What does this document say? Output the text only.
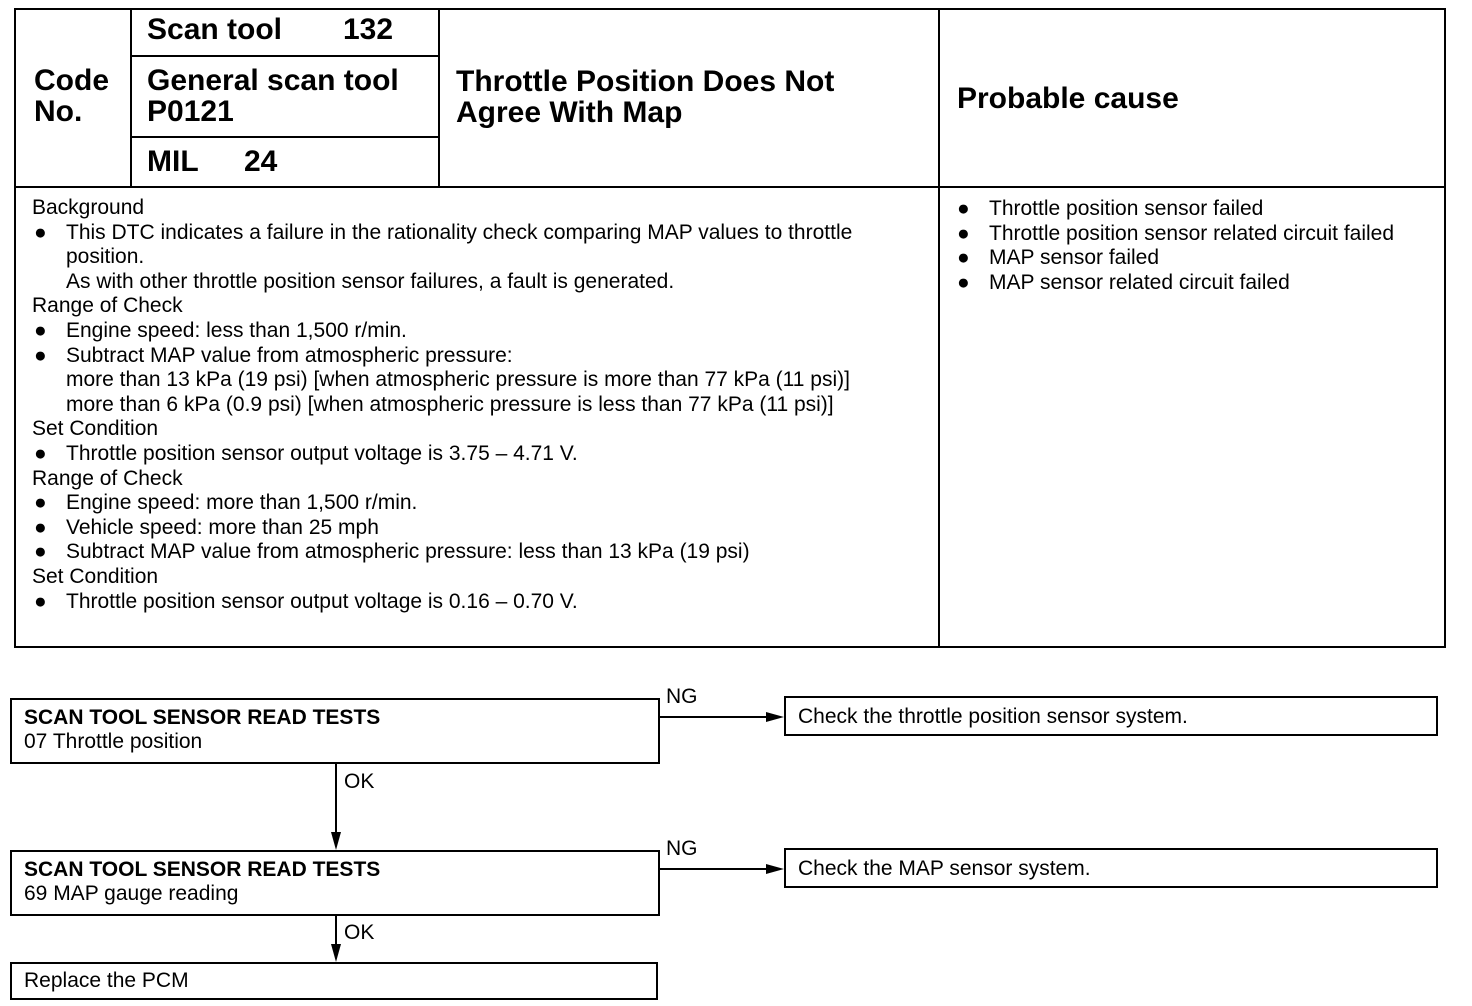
Code
No.
Scan tool 132
General scan tool
P0121
MIL 24
Throttle Position Does Not
Agree With Map	Probable cause
Background
● This DTC indicates a failure in the rationality check comparing MAP values to throttle
position.
As with other throttle position sensor failures, a fault is generated.
Range of Check
● Engine speed: less than 1,500 r/min.
● Subtract MAP value from atmospheric pressure:
more than 13 kPa (19 psi) [when atmospheric pressure is more than 77 kPa (11 psi)]
more than 6 kPa (0.9 psi) [when atmospheric pressure is less than 77 kPa (11 psi)]
Set Condition
● Throttle position sensor output voltage is 3.75 – 4.71 V.
Range of Check
● Engine speed: more than 1,500 r/min.
● Vehicle speed: more than 25 mph
● Subtract MAP value from atmospheric pressure: less than 13 kPa (19 psi)
Set Condition
● Throttle position sensor output voltage is 0.16 – 0.70 V.
● Throttle position sensor failed
● Throttle position sensor related circuit failed
● MAP sensor failed
● MAP sensor related circuit failed
SCAN TOOL SENSOR READ TESTS
07 Throttle position
Check the throttle position sensor system.
SCAN TOOL SENSOR READ TESTS
69 MAP gauge reading
Check the MAP sensor system.
Replace the PCM
NG
OK
NG
OK
